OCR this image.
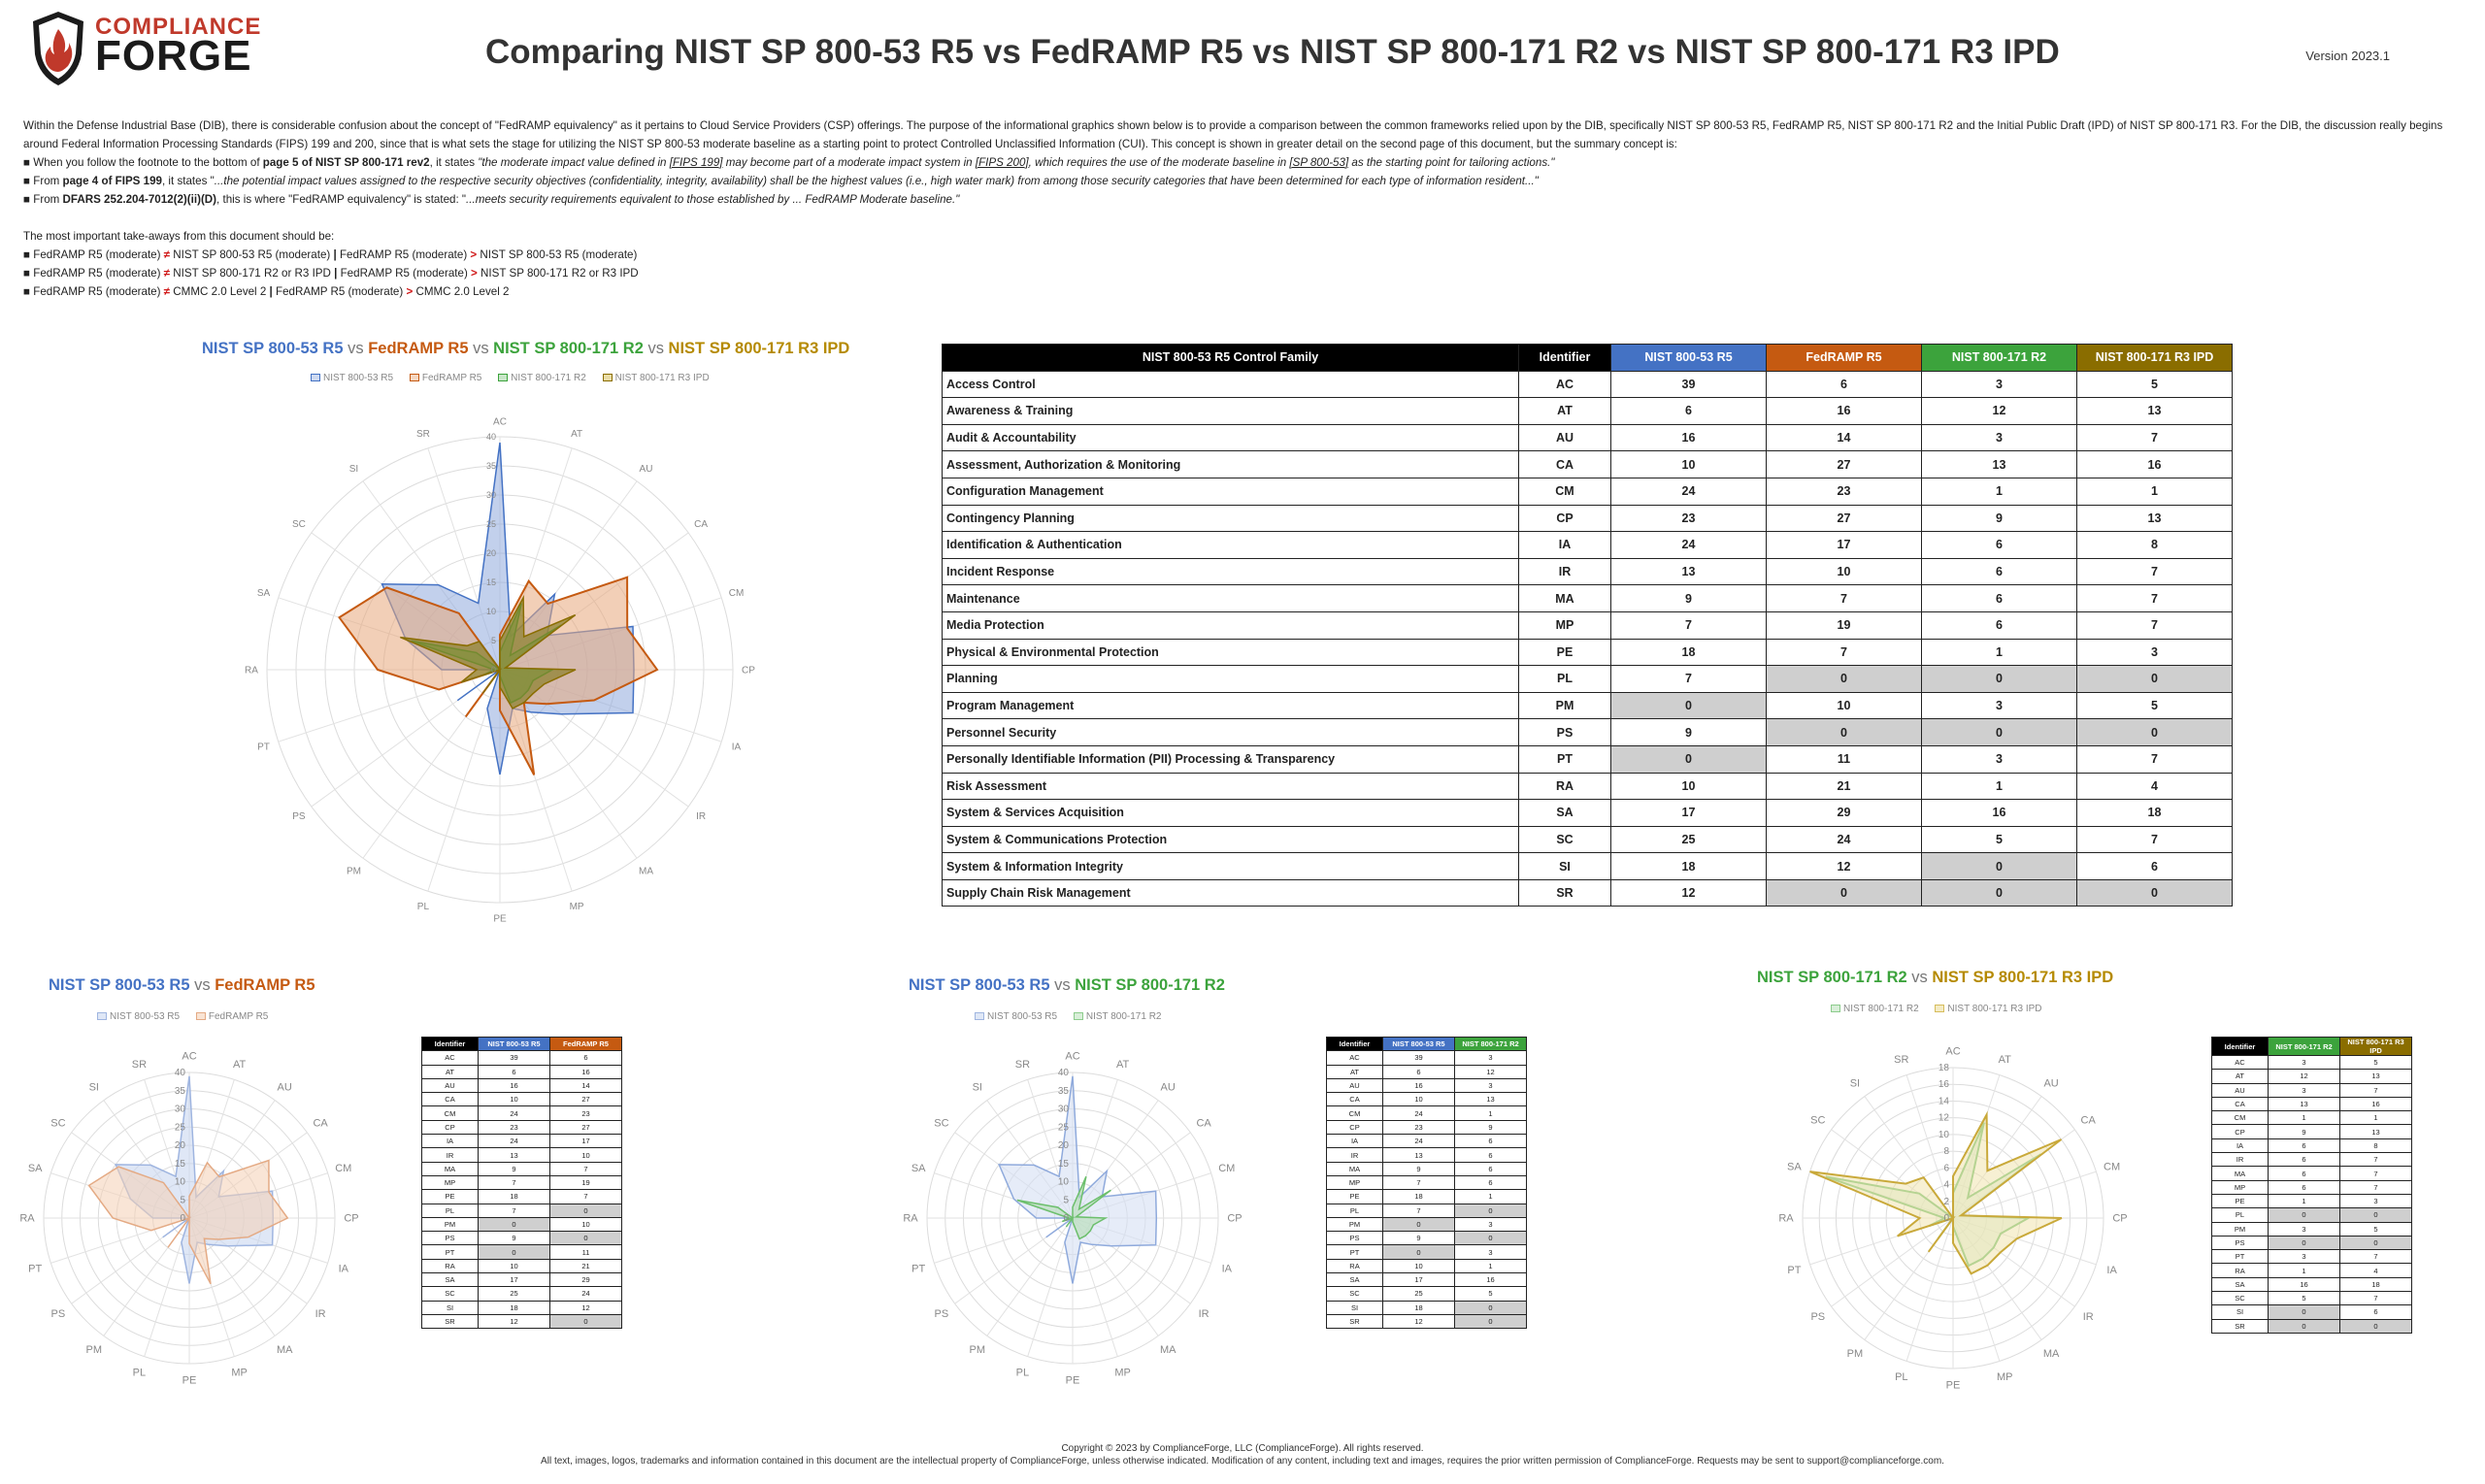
COMPLIANCE
FORGE	Comparing NIST SP 800-53 R5 vs FedRAMP R5 vs NIST SP 800-171 R2 vs NIST SP 800-171 R3 IPD	Version 2023.1

Within the Defense Industrial Base (DIB), there is considerable confusion about the concept of "FedRAMP equivalency" as it pertains to Cloud Service Providers (CSP) offerings. The purpose of the informational graphics shown below is to provide a comparison between the common frameworks relied upon by the DIB, specifically NIST SP 800-53 R5, FedRAMP R5, NIST SP 800-171 R2 and the Initial Public Draft (IPD) of NIST SP 800-171 R3. For the DIB, the discussion really begins around Federal Information Processing Standards (FIPS) 199 and 200, since that is what sets the stage for utilizing the NIST SP 800-53 moderate baseline as a starting point to protect Controlled Unclassified Information (CUI). This concept is shown in greater detail on the second page of this document, but the summary concept is:

■ When you follow the footnote to the bottom of page 5 of NIST SP 800-171 rev2, it states "the moderate impact value defined in [FIPS 199] may become part of a moderate impact system in [FIPS 200], which requires the use of the moderate baseline in [SP 800-53] as the starting point for tailoring actions."

■ From page 4 of FIPS 199, it states "...the potential impact values assigned to the respective security objectives (confidentiality, integrity, availability) shall be the highest values (i.e., high water mark) from among those security categories that have been determined for each type of information resident..."

■ From DFARS 252.204-7012(2)(ii)(D), this is where "FedRAMP equivalency" is stated: "...meets security requirements equivalent to those established by ... FedRAMP Moderate baseline."

The most important take-aways from this document should be:

■ FedRAMP R5 (moderate) ≠ NIST SP 800-53 R5 (moderate) | FedRAMP R5 (moderate) > NIST SP 800-53 R5 (moderate)

■ FedRAMP R5 (moderate) ≠ NIST SP 800-171 R2 or R3 IPD | FedRAMP R5 (moderate) > NIST SP 800-171 R2 or R3 IPD

■ FedRAMP R5 (moderate) ≠ CMMC 2.0 Level 2 | FedRAMP R5 (moderate) > CMMC 2.0 Level 2

NIST SP 800-53 R5 vs FedRAMP R5 vs NIST SP 800-171 R2 vs NIST SP 800-171 R3 IPD
NIST 800-53 R5	FedRAMP R5	NIST 800-171 R2	NIST 800-171 R3 IPD
0
5
10
15
20
25
30
35
40
AC
AT
AU
CA
CM
CP
IA
IR
MA
MP
PE
PL
PM
PS
PT
RA
SA
SC
SI
SR
NIST 800-53 R5 Control Family	Identifier	NIST 800-53 R5	FedRAMP R5	NIST 800-171 R2	NIST 800-171 R3 IPD
Access Control	AC	39	6	3	5
Awareness & Training	AT	6	16	12	13
Audit & Accountability	AU	16	14	3	7
Assessment, Authorization & Monitoring	CA	10	27	13	16
Configuration Management	CM	24	23	1	1
Contingency Planning	CP	23	27	9	13
Identification & Authentication	IA	24	17	6	8
Incident Response	IR	13	10	6	7
Maintenance	MA	9	7	6	7
Media Protection	MP	7	19	6	7
Physical & Environmental Protection	PE	18	7	1	3
Planning	PL	7	0	0	0
Program Management	PM	0	10	3	5
Personnel Security	PS	9	0	0	0
Personally Identifiable Information (PII) Processing & Transparency	PT	0	11	3	7
Risk Assessment	RA	10	21	1	4
System & Services Acquisition	SA	17	29	16	18
System & Communications Protection	SC	25	24	5	7
System & Information Integrity	SI	18	12	0	6
Supply Chain Risk Management	SR	12	0	0	0
NIST SP 800-53 R5 vs FedRAMP R5
NIST 800-53 R5	FedRAMP R5
0
5
10
15
20
25
30
35
40
AC
AT
AU
CA
CM
CP
IA
IR
MA
MP
PE
PL
PM
PS
PT
RA
SA
SC
SI
SR
Identifier	NIST 800-53 R5	FedRAMP R5
AC	39	6
AT	6	16
AU	16	14
CA	10	27
CM	24	23
CP	23	27
IA	24	17
IR	13	10
MA	9	7
MP	7	19
PE	18	7
PL	7	0
PM	0	10
PS	9	0
PT	0	11
RA	10	21
SA	17	29
SC	25	24
SI	18	12
SR	12	0
NIST SP 800-53 R5 vs NIST SP 800-171 R2
NIST 800-53 R5	NIST 800-171 R2
0
5
10
15
20
25
30
35
40
AC
AT
AU
CA
CM
CP
IA
IR
MA
MP
PE
PL
PM
PS
PT
RA
SA
SC
SI
SR
Identifier	NIST 800-53 R5	NIST 800-171 R2
AC	39	3
AT	6	12
AU	16	3
CA	10	13
CM	24	1
CP	23	9
IA	24	6
IR	13	6
MA	9	6
MP	7	6
PE	18	1
PL	7	0
PM	0	3
PS	9	0
PT	0	3
RA	10	1
SA	17	16
SC	25	5
SI	18	0
SR	12	0
NIST SP 800-171 R2 vs NIST SP 800-171 R3 IPD
NIST 800-171 R2	NIST 800-171 R3 IPD
0
2
4
6
8
10
12
14
16
18
AC
AT
AU
CA
CM
CP
IA
IR
MA
MP
PE
PL
PM
PS
PT
RA
SA
SC
SI
SR
Identifier	NIST 800-171 R2	NIST 800-171 R3 IPD
AC	3	5
AT	12	13
AU	3	7
CA	13	16
CM	1	1
CP	9	13
IA	6	8
IR	6	7
MA	6	7
MP	6	7
PE	1	3
PL	0	0
PM	3	5
PS	0	0
PT	3	7
RA	1	4
SA	16	18
SC	5	7
SI	0	6
SR	0	0
Copyright © 2023 by ComplianceForge, LLC (ComplianceForge). All rights reserved.
All text, images, logos, trademarks and information contained in this document are the intellectual property of ComplianceForge, unless otherwise indicated. Modification of any content, including text and images, requires the prior written permission of ComplianceForge. Requests may be sent to support@complianceforge.com.
